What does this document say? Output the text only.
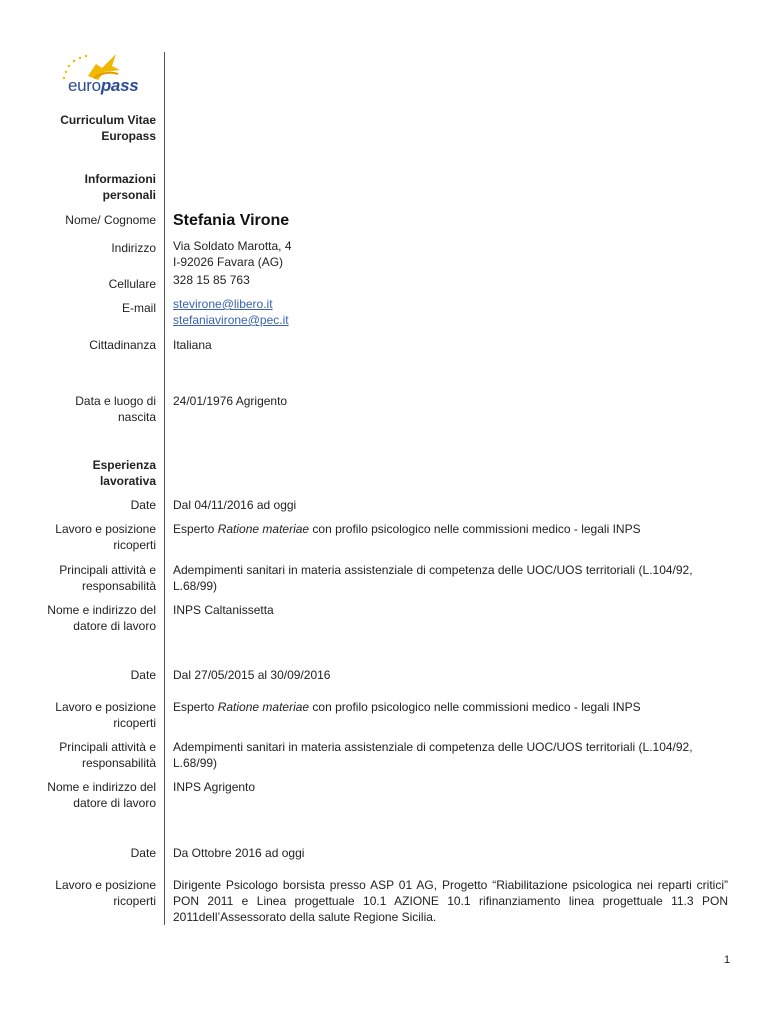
europass
Curriculum Vitae
Europass
Informazioni
personali
Nome/ Cognome Stefania Virone
Indirizzo Via Soldato Marotta, 4
I-92026 Favara (AG)
Cellulare 328 15 85 763
E-mail stevirone@libero.it
stefaniavirone@pec.it
Cittadinanza Italiana
Data e luogo di
nascita
24/01/1976 Agrigento
Esperienza
lavorativa
Date Dal 04/11/2016 ad oggi
Lavoro e posizione
ricoperti
Esperto Ratione materiae con profilo psicologico nelle commissioni medico - legali INPS
Principali attività e
responsabilità
Adempimenti sanitari in materia assistenziale di competenza delle UOC/UOS territoriali (L.104/92, L.68/99)
Nome e indirizzo del
datore di lavoro
INPS Caltanissetta
Date Dal 27/05/2015 al 30/09/2016
Lavoro e posizione
ricoperti
Esperto Ratione materiae con profilo psicologico nelle commissioni medico - legali INPS
Principali attività e
responsabilità
Adempimenti sanitari in materia assistenziale di competenza delle UOC/UOS territoriali (L.104/92, L.68/99)
Nome e indirizzo del
datore di lavoro
INPS Agrigento
Date Da Ottobre 2016 ad oggi
Lavoro e posizione
ricoperti
Dirigente Psicologo borsista presso ASP 01 AG, Progetto “Riabilitazione psicologica nei reparti critici” PON 2011 e Linea progettuale 10.1 AZIONE 10.1 rifinanziamento linea progettuale 11.3 PON 2011dell’Assessorato della salute Regione Sicilia.
1
